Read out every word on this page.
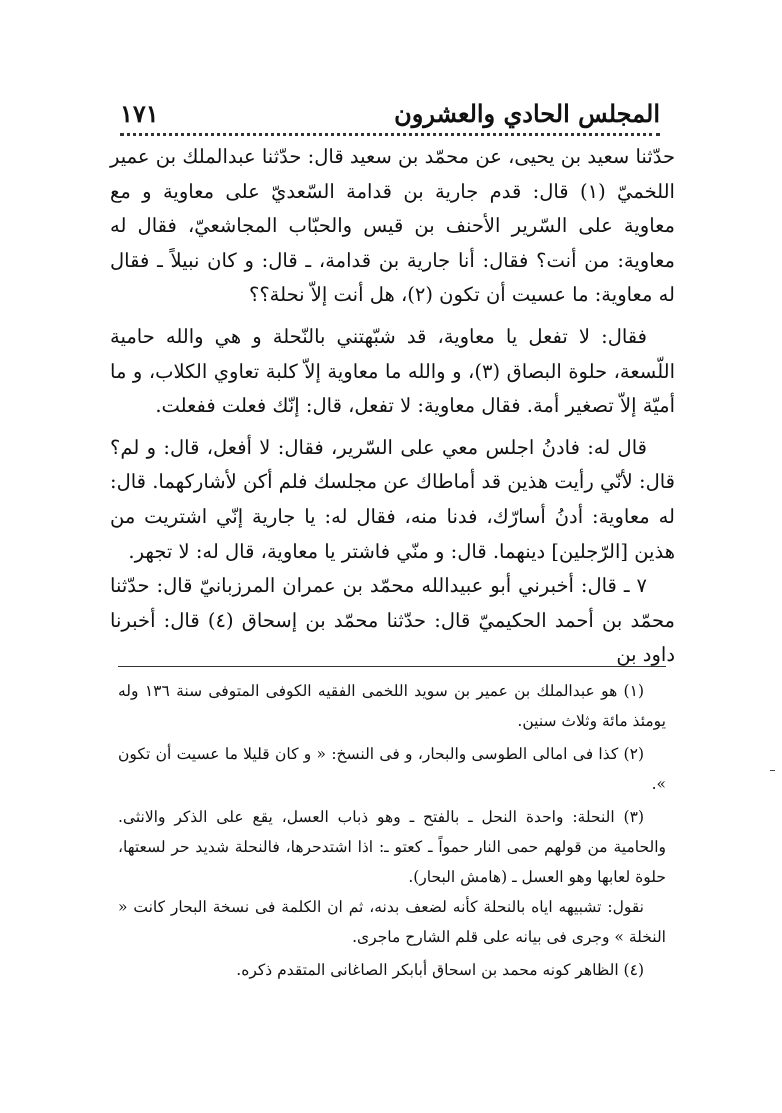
١٧١	المجلس الحادي والعشرون

حدّثنا سعيد بن يحيى، عن محمّد بن سعيد قال: حدّثنا عبدالملك بن عمير اللخميّ (١) قال: قدم جارية بن قدامة السّعديّ على معاوية و مع معاوية على السّرير الأحنف بن قيس والحبّاب المجاشعيّ، فقال له معاوية: من أنت؟ فقال: أنا جارية بن قدامة، ـ قال: و كان نبيلاً ـ فقال له معاوية: ما عسيت أن تكون (٢)، هل أنت إلاّ نحلة؟؟

فقال: لا تفعل يا معاوية، قد شبّهتني بالنّحلة و هي والله حامية اللّسعة، حلوة البصاق (٣)، و والله ما معاوية إلاّ كلبة تعاوي الكلاب، و ما أميّة إلاّ تصغير أمة. فقال معاوية: لا تفعل، قال: إنّك فعلت ففعلت.

قال له: فادنُ اجلس معي على السّرير، فقال: لا أفعل، قال: و لم؟ قال: لأنّي رأيت هذين قد أماطاك عن مجلسك فلم أكن لأشاركهما. قال: له معاوية: أدنُ أسارّك، فدنا منه، فقال له: يا جارية إنّي اشتريت من هذين [الرّجلين] دينهما. قال: و منّي فاشتر يا معاوية، قال له: لا تجهر.

٧ ـ قال: أخبرني أبو عبيدالله محمّد بن عمران المرزبانيّ قال: حدّثنا محمّد بن أحمد الحكيميّ قال: حدّثنا محمّد بن إسحاق (٤) قال: أخبرنا داود بن

(١) هو عبدالملك بن عمير بن سويد اللخمى الفقيه الكوفى المتوفى سنة ١٣٦ وله يومئذ مائة وثلاث سنين.

(٢) كذا فى امالى الطوسى والبحار، و فى النسخ: « و كان قليلا ما عسيت أن تكون ».

(٣) النحلة: واحدة النحل ـ بالفتح ـ وهو ذباب العسل، يقع على الذكر والانثى. والحامية من قولهم حمى النار حمواً ـ كعتو ـ: اذا اشتدحرها، فالنحلة شديد حر لسعتها، حلوة لعابها وهو العسل ـ (هامش البحار).

نقول: تشبيهه اياه بالنحلة كأنه لضعف بدنه، ثم ان الكلمة فى نسخة البحار كانت « النخلة » وجرى فى بيانه على قلم الشارح ماجرى.

(٤) الظاهر كونه محمد بن اسحاق أبابكر الصاغانى المتقدم ذكره.
